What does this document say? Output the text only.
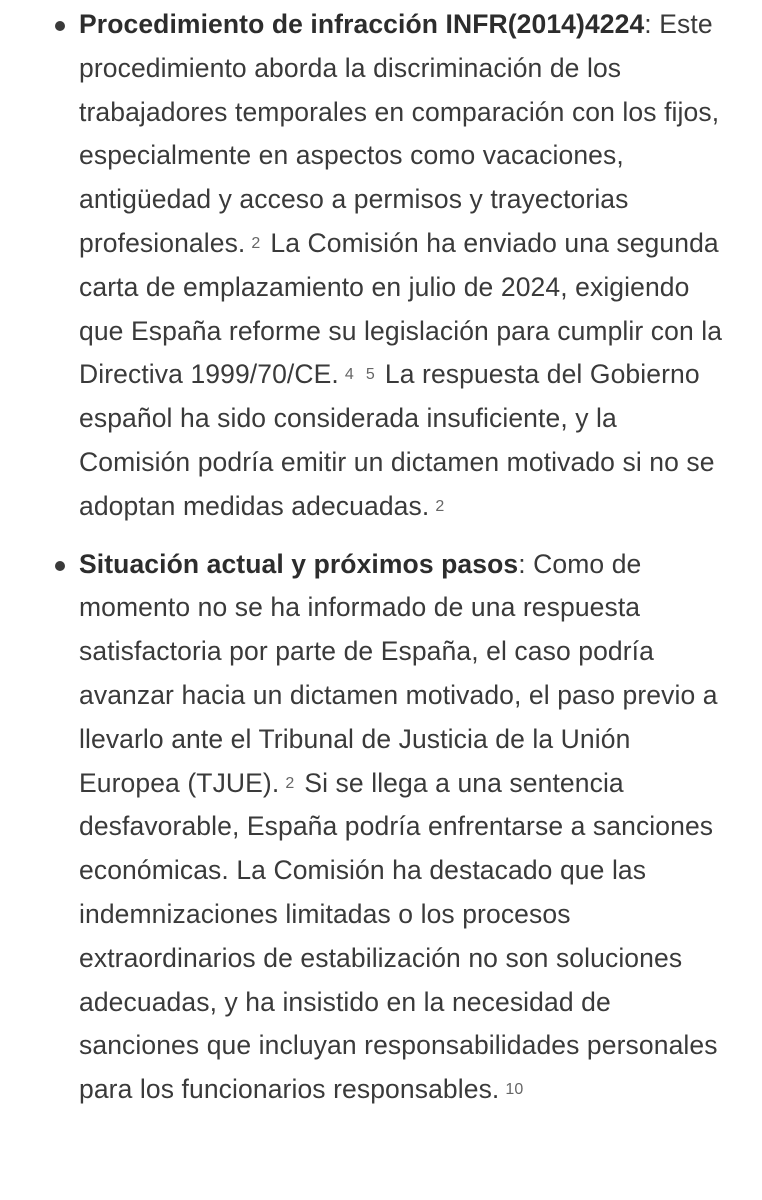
Procedimiento de infracción INFR(2014)4224: Este procedimiento aborda la discriminación de los trabajadores temporales en comparación con los fijos, especialmente en aspectos como vacaciones, antigüedad y acceso a permisos y trayectorias profesionales. 2 La Comisión ha enviado una segunda carta de emplazamiento en julio de 2024, exigiendo que España reforme su legislación para cumplir con la Directiva 1999/70/CE. 4 5 La respuesta del Gobierno español ha sido considerada insuficiente, y la Comisión podría emitir un dictamen motivado si no se adoptan medidas adecuadas. 2
Situación actual y próximos pasos: Como de momento no se ha informado de una respuesta satisfactoria por parte de España, el caso podría avanzar hacia un dictamen motivado, el paso previo a llevarlo ante el Tribunal de Justicia de la Unión Europea (TJUE). 2 Si se llega a una sentencia desfavorable, España podría enfrentarse a sanciones económicas. La Comisión ha destacado que las indemnizaciones limitadas o los procesos extraordinarios de estabilización no son soluciones adecuadas, y ha insistido en la necesidad de sanciones que incluyan responsabilidades personales para los funcionarios responsables. 10
